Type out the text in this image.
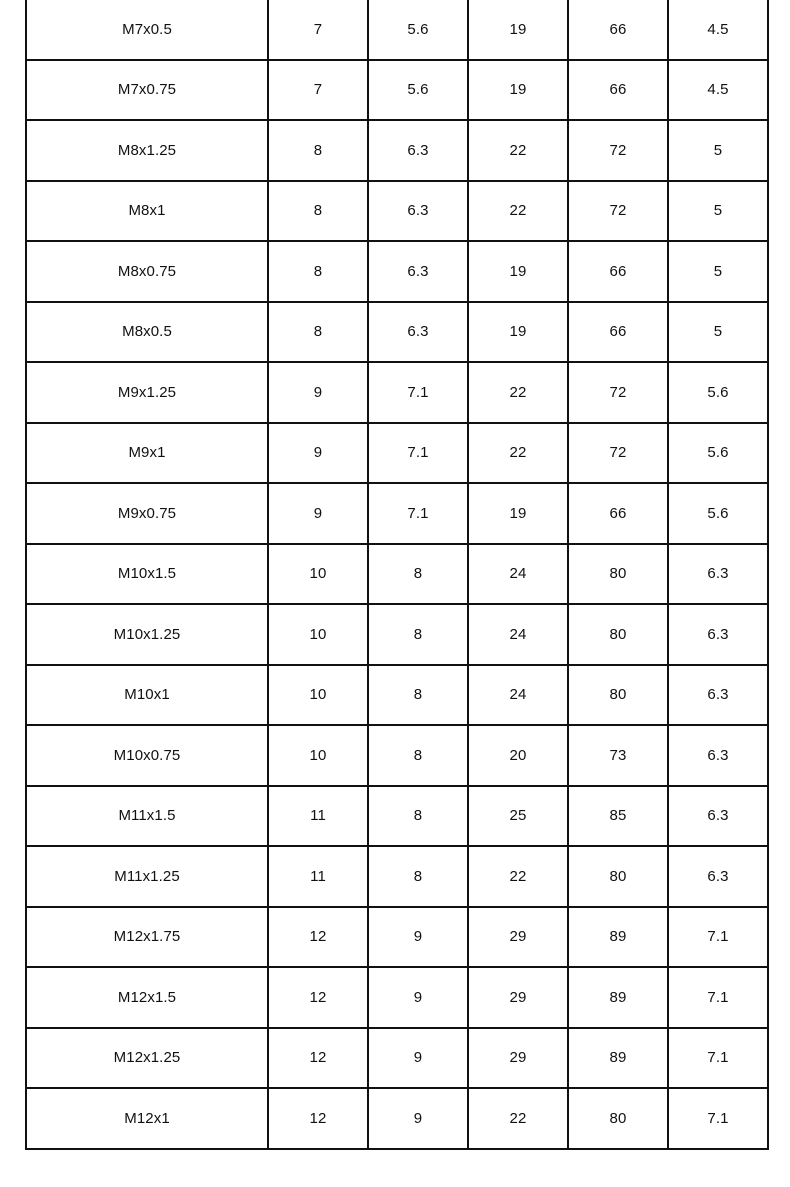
M7x0.5	7	5.6	19	66	4.5
M7x0.75	7	5.6	19	66	4.5
M8x1.25	8	6.3	22	72	5
M8x1	8	6.3	22	72	5
M8x0.75	8	6.3	19	66	5
M8x0.5	8	6.3	19	66	5
M9x1.25	9	7.1	22	72	5.6
M9x1	9	7.1	22	72	5.6
M9x0.75	9	7.1	19	66	5.6
M10x1.5	10	8	24	80	6.3
M10x1.25	10	8	24	80	6.3
M10x1	10	8	24	80	6.3
M10x0.75	10	8	20	73	6.3
M11x1.5	11	8	25	85	6.3
M11x1.25	11	8	22	80	6.3
M12x1.75	12	9	29	89	7.1
M12x1.5	12	9	29	89	7.1
M12x1.25	12	9	29	89	7.1
M12x1	12	9	22	80	7.1
